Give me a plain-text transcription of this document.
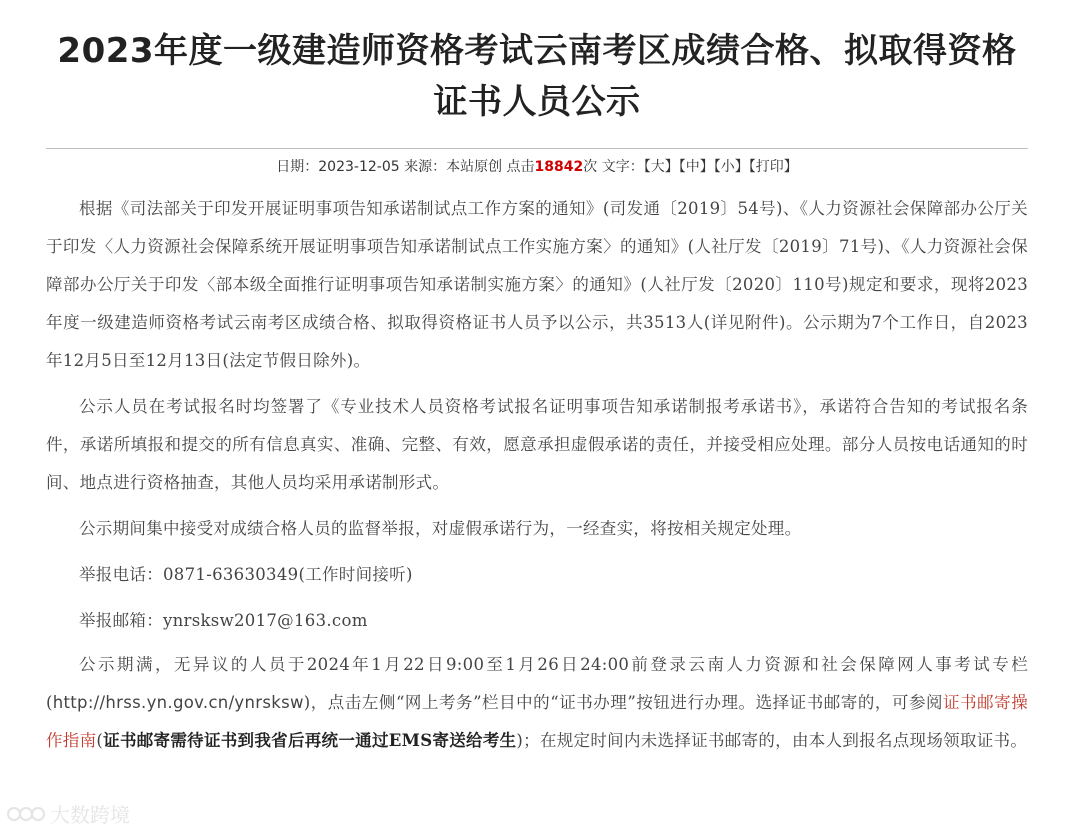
2023年度一级建造师资格考试云南考区成绩合格、拟取得资格证书人员公示
日期：2023-12-05 来源：本站原创 点击18842次 文字：【大】【中】【小】【打印】

根据《司法部关于印发开展证明事项告知承诺制试点工作方案的通知》(司发通〔2019〕54号)、《人力资源社会保障部办公厅关于印发〈人力资源社会保障系统开展证明事项告知承诺制试点工作实施方案〉的通知》(人社厅发〔2019〕71号)、《人力资源社会保障部办公厅关于印发〈部本级全面推行证明事项告知承诺制实施方案〉的通知》(人社厅发〔2020〕110号)规定和要求，现将2023年度一级建造师资格考试云南考区成绩合格、拟取得资格证书人员予以公示，共3513人(详见附件)。公示期为7个工作日，自2023年12月5日至12月13日(法定节假日除外)。

公示人员在考试报名时均签署了《专业技术人员资格考试报名证明事项告知承诺制报考承诺书》，承诺符合告知的考试报名条件，承诺所填报和提交的所有信息真实、准确、完整、有效，愿意承担虚假承诺的责任，并接受相应处理。部分人员按电话通知的时间、地点进行资格抽查，其他人员均采用承诺制形式。

公示期间集中接受对成绩合格人员的监督举报，对虚假承诺行为，一经查实，将按相关规定处理。

举报电话：0871-63630349(工作时间接听)

举报邮箱：ynrsksw2017@163.com

公示期满，无异议的人员于2024年1月22日9:00至1月26日24:00前登录云南人力资源和社会保障网人事考试专栏(http://hrss.yn.gov.cn/ynrsksw)，点击左侧“网上考务”栏目中的“证书办理”按钮进行办理。选择证书邮寄的，可参阅证书邮寄操作指南(证书邮寄需待证书到我省后再统一通过EMS寄送给考生)；在规定时间内未选择证书邮寄的，由本人到报名点现场领取证书。

大数跨境
